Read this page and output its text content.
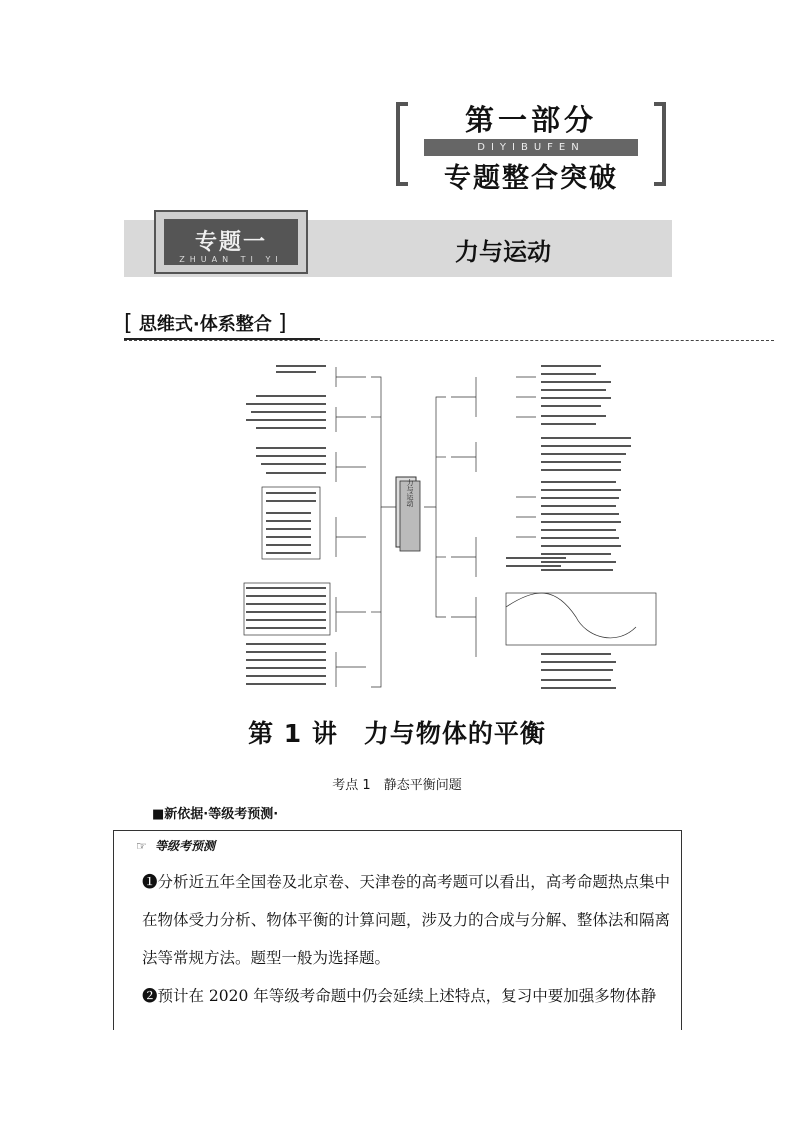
第一部分
DIYIBUFEN
专题整合突破
专题一
ZHUAN TI YI	力与运动
[ 思维式·体系整合 ]
力与运动
第 1 讲　力与物体的平衡
考点 1　静态平衡问题
■新依据·等级考预测·
☞ 等级考预测
❶分析近五年全国卷及北京卷、天津卷的高考题可以看出，高考命题热点集中在物体受力分析、物体平衡的计算问题，涉及力的合成与分解、整体法和隔离法等常规方法。题型一般为选择题。
❷预计在 2020 年等级考命题中仍会延续上述特点，复习中要加强多物体静
